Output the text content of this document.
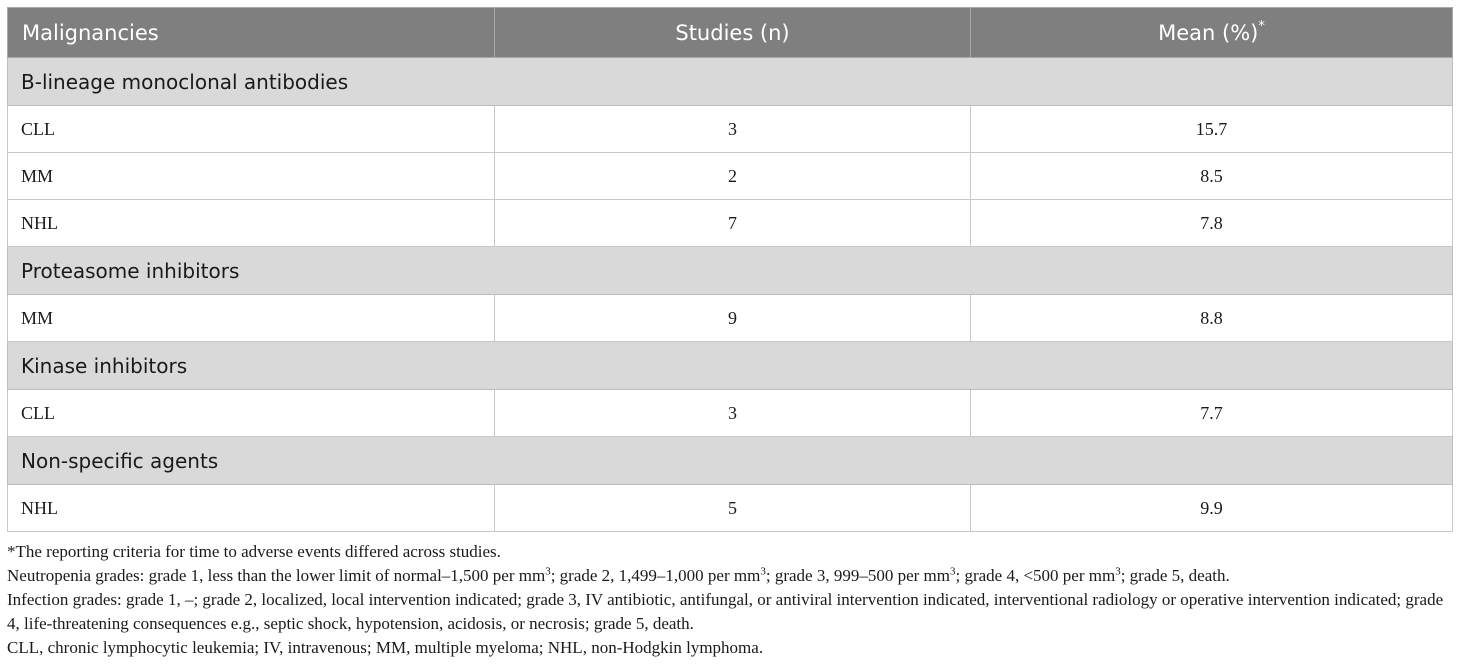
Malignancies	Studies (n)	Mean (%)*
B-lineage monoclonal antibodies		
CLL	3	15.7
MM	2	8.5
NHL	7	7.8
Proteasome inhibitors		
MM	9	8.8
Kinase inhibitors		
CLL	3	7.7
Non-specific agents		
NHL	5	9.9

*The reporting criteria for time to adverse events differed across studies.

Neutropenia grades: grade 1, less than the lower limit of normal–1,500 per $mm^3$; grade 2, 1,499–1,000 per $mm^3$; grade 3, 999–500 per $mm^3$; grade 4, <500 per $mm^3$; grade 5, death.

Infection grades: grade 1, –; grade 2, localized, local intervention indicated; grade 3, IV antibiotic, antifungal, or antiviral intervention indicated, interventional radiology or operative intervention indicated; grade 4, life-threatening consequences e.g., septic shock, hypotension, acidosis, or necrosis; grade 5, death.

CLL, chronic lymphocytic leukemia; IV, intravenous; MM, multiple myeloma; NHL, non-Hodgkin lymphoma.
